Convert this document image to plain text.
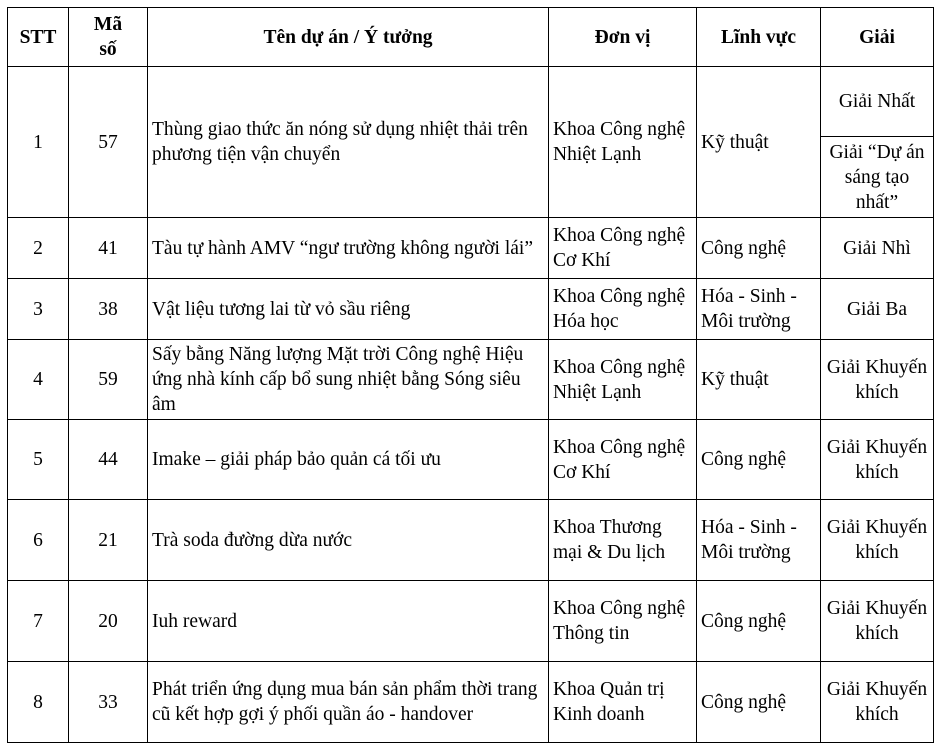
STT	Mã số	Tên dự án / Ý tưởng	Đơn vị	Lĩnh vực	Giải
1	57	Thùng giao thức ăn nóng sử dụng nhiệt thải trên phương tiện vận chuyển	Khoa Công nghệ Nhiệt Lạnh	Kỹ thuật	Giải Nhất
					Giải “Dự án sáng tạo nhất”
2	41	Tàu tự hành AMV “ngư trường không người lái”	Khoa Công nghệ Cơ Khí	Công nghệ	Giải Nhì
3	38	Vật liệu tương lai từ vỏ sầu riêng	Khoa Công nghệ Hóa học	Hóa - Sinh - Môi trường	Giải Ba
4	59	Sấy bằng Năng lượng Mặt trời Công nghệ Hiệu ứng nhà kính cấp bổ sung nhiệt bằng Sóng siêu âm	Khoa Công nghệ Nhiệt Lạnh	Kỹ thuật	Giải Khuyến khích
5	44	Imake – giải pháp bảo quản cá tối ưu	Khoa Công nghệ Cơ Khí	Công nghệ	Giải Khuyến khích
6	21	Trà soda đường dừa nước	Khoa Thương mại & Du lịch	Hóa - Sinh - Môi trường	Giải Khuyến khích
7	20	Iuh reward	Khoa Công nghệ Thông tin	Công nghệ	Giải Khuyến khích
8	33	Phát triển ứng dụng mua bán sản phẩm thời trang cũ kết hợp gợi ý phối quần áo - handover	Khoa Quản trị Kinh doanh	Công nghệ	Giải Khuyến khích
